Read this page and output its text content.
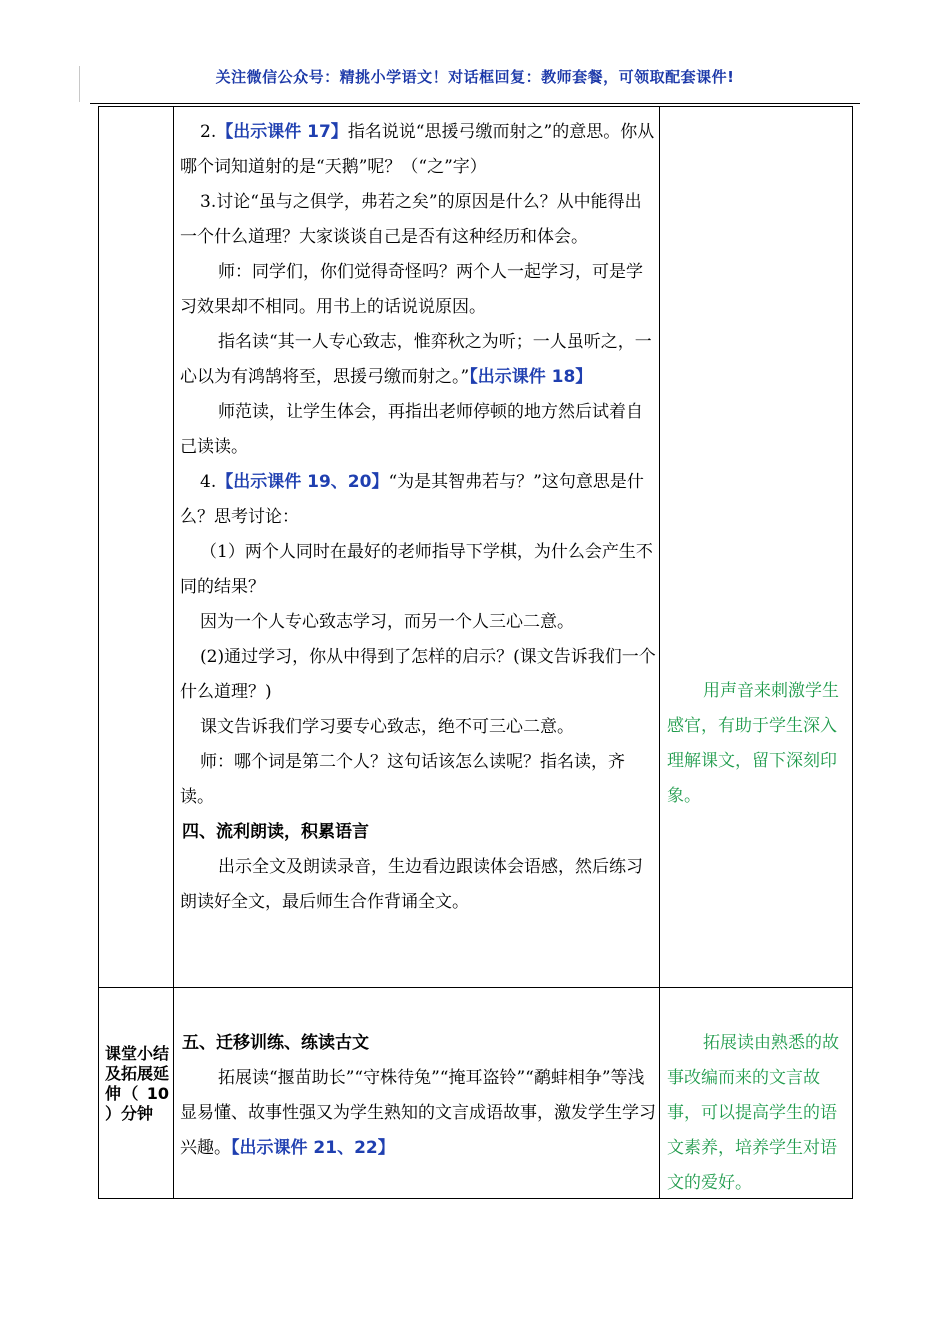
关注微信公众号：精挑小学语文！对话框回复：教师套餐，可领取配套课件!

2.【出示课件 17】指名说说“思援弓缴而射之”的意思。你从哪个词知道射的是“天鹅”呢？（“之”字）

3.讨论“虽与之俱学，弗若之矣”的原因是什么？从中能得出一个什么道理？大家谈谈自己是否有这种经历和体会。

师：同学们，你们觉得奇怪吗？两个人一起学习，可是学习效果却不相同。用书上的话说说原因。

指名读“其一人专心致志，惟弈秋之为听；一人虽听之，一心以为有鸿鹄将至，思援弓缴而射之。”【出示课件 18】

师范读，让学生体会，再指出老师停顿的地方然后试着自己读读。

4.【出示课件 19、20】“为是其智弗若与？”这句意思是什么？思考讨论：

（1）两个人同时在最好的老师指导下学棋，为什么会产生不同的结果？

因为一个人专心致志学习，而另一个人三心二意。

(2)通过学习，你从中得到了怎样的启示？(课文告诉我们一个什么道理？)

课文告诉我们学习要专心致志，绝不可三心二意。

师：哪个词是第二个人？这句话该怎么读呢？指名读，齐读。

四、流利朗读，积累语言

出示全文及朗读录音，生边看边跟读体会语感，然后练习朗读好全文，最后师生合作背诵全文。

用声音来刺激学生感官，有助于学生深入理解课文，留下深刻印象。

课堂小结及拓展延伸（ 10 ）分钟

五、迁移训练、练读古文

拓展读“揠苗助长”“守株待兔”“掩耳盗铃”“鹬蚌相争”等浅显易懂、故事性强又为学生熟知的文言成语故事，激发学生学习兴趣。【出示课件 21、22】

拓展读由熟悉的故事改编而来的文言故事，可以提高学生的语文素养，培养学生对语文的爱好。
